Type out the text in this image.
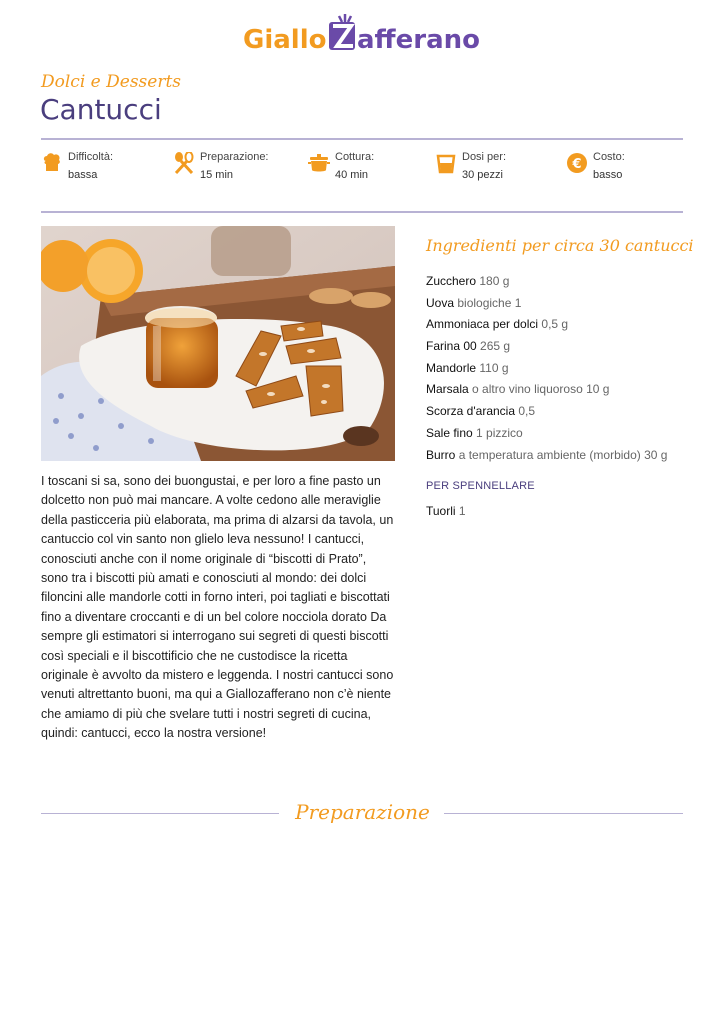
Giallo afferano
Dolci e Desserts
Cantucci
Difficoltà:
bassa
Preparazione:
15 min
Cottura:
40 min
Dosi per:
30 pezzi
€ Costo:
basso

I toscani si sa, sono dei buongustai, e per loro a fine pasto un dolcetto non può mai mancare. A volte cedono alle meraviglie della pasticceria più elaborata, ma prima di alzarsi da tavola, un cantuccio col vin santo non glielo leva nessuno! I cantucci, conosciuti anche con il nome originale di “biscotti di Prato”, sono tra i biscotti più amati e conosciuti al mondo: dei dolci filoncini alle mandorle cotti in forno interi, poi tagliati e biscottati fino a diventare croccanti e di un bel colore nocciola dorato Da sempre gli estimatori si interrogano sui segreti di questi biscotti così speciali e il biscottificio che ne custodisce la ricetta originale è avvolto da mistero e leggenda. I nostri cantucci sono venuti altrettanto buoni, ma qui a Giallozafferano non c’è niente che amiamo di più che svelare tutti i nostri segreti di cucina, quindi: cantucci, ecco la nostra versione!

Ingredienti per circa 30 cantucci
Zucchero 180 g
Uova biologiche 1
Ammoniaca per dolci 0,5 g
Farina 00 265 g
Mandorle 110 g
Marsala o altro vino liquoroso 10 g
Scorza d'arancia 0,5
Sale fino 1 pizzico
Burro a temperatura ambiente (morbido) 30 g
PER SPENNELLARE
Tuorli 1
Preparazione
